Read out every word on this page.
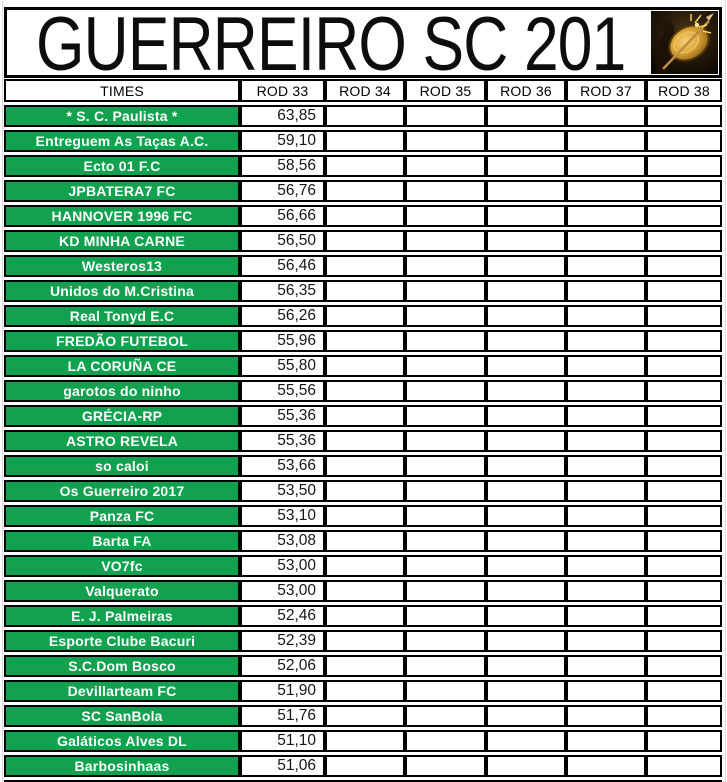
GUERREIRO SC 201
TIMES	ROD 33	ROD 34	ROD 35	ROD 36	ROD 37	ROD 38
* S. C. Paulista *	63,85
Entreguem As Taças A.C.	59,10
Ecto 01 F.C	58,56
JPBATERA7 FC	56,76
HANNOVER 1996 FC	56,66
KD MINHA CARNE	56,50
Westeros13	56,46
Unidos do M.Cristina	56,35
Real Tonyd E.C	56,26
FREDÃO FUTEBOL	55,96
LA CORUÑA CE	55,80
garotos do ninho	55,56
GRÉCIA-RP	55,36
ASTRO REVELA	55,36
so caloi	53,66
Os Guerreiro 2017	53,50
Panza FC	53,10
Barta FA	53,08
VO7fc	53,00
Valquerato	53,00
E. J. Palmeiras	52,46
Esporte Clube Bacuri	52,39
S.C.Dom Bosco	52,06
Devillarteam FC	51,90
SC SanBola	51,76
Galáticos Alves DL	51,10
Barbosinhaas	51,06
